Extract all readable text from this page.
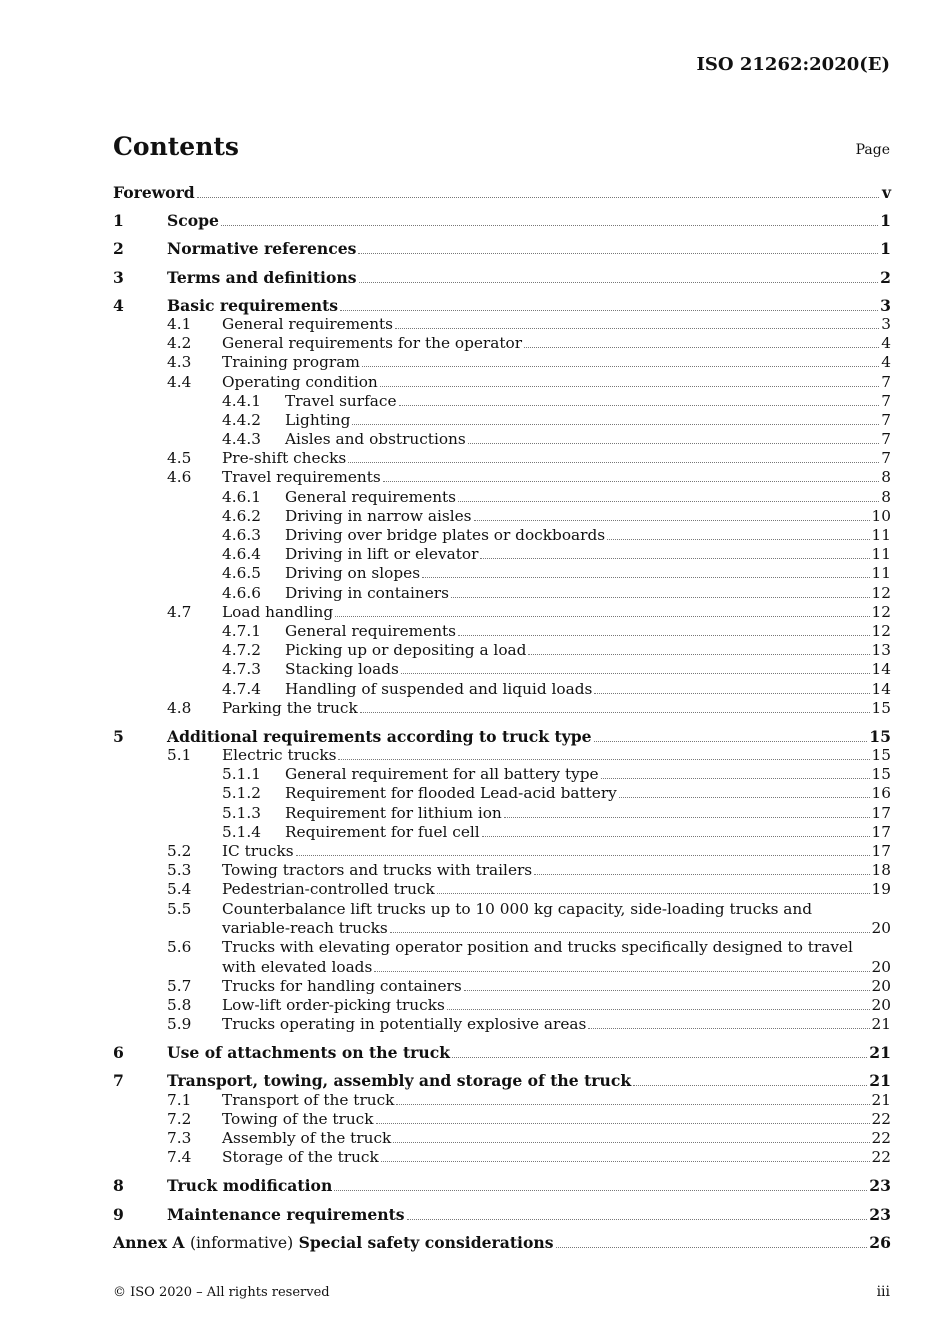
ISO 21262:2020(E)
Contents	Page
Foreword	v
1	Scope	1
2	Normative references	1
3	Terms and definitions	2
4	Basic requirements	3
4.1 General requirements	3
4.2 General requirements for the operator	4
4.3 Training program	4
4.4 Operating condition	7
4.4.1 Travel surface	7
4.4.2 Lighting	7
4.4.3 Aisles and obstructions	7
4.5 Pre-shift checks	7
4.6 Travel requirements	8
4.6.1 General requirements	8
4.6.2 Driving in narrow aisles	10
4.6.3 Driving over bridge plates or dockboards	11
4.6.4 Driving in lift or elevator	11
4.6.5 Driving on slopes	11
4.6.6 Driving in containers	12
4.7 Load handling	12
4.7.1 General requirements	12
4.7.2 Picking up or depositing a load	13
4.7.3 Stacking loads	14
4.7.4 Handling of suspended and liquid loads	14
4.8 Parking the truck	15
5	Additional requirements according to truck type	15
5.1 Electric trucks	15
5.1.1 General requirement for all battery type	15
5.1.2 Requirement for flooded Lead-acid battery	16
5.1.3 Requirement for lithium ion	17
5.1.4 Requirement for fuel cell	17
5.2 IC trucks	17
5.3 Towing tractors and trucks with trailers	18
5.4 Pedestrian-controlled truck	19
5.5 Counterbalance lift trucks up to 10 000 kg capacity, side-loading trucks and
variable-reach trucks	20
5.6 Trucks with elevating operator position and trucks specifically designed to travel
with elevated loads	20
5.7 Trucks for handling containers	20
5.8 Low-lift order-picking trucks	20
5.9 Trucks operating in potentially explosive areas	21
6	Use of attachments on the truck	21
7	Transport, towing, assembly and storage of the truck	21
7.1 Transport of the truck	21
7.2 Towing of the truck	22
7.3 Assembly of the truck	22
7.4 Storage of the truck	22
8	Truck modification	23
9	Maintenance requirements	23
Annex A (informative) Special safety considerations	26
© ISO 2020 – All rights reserved	iii
